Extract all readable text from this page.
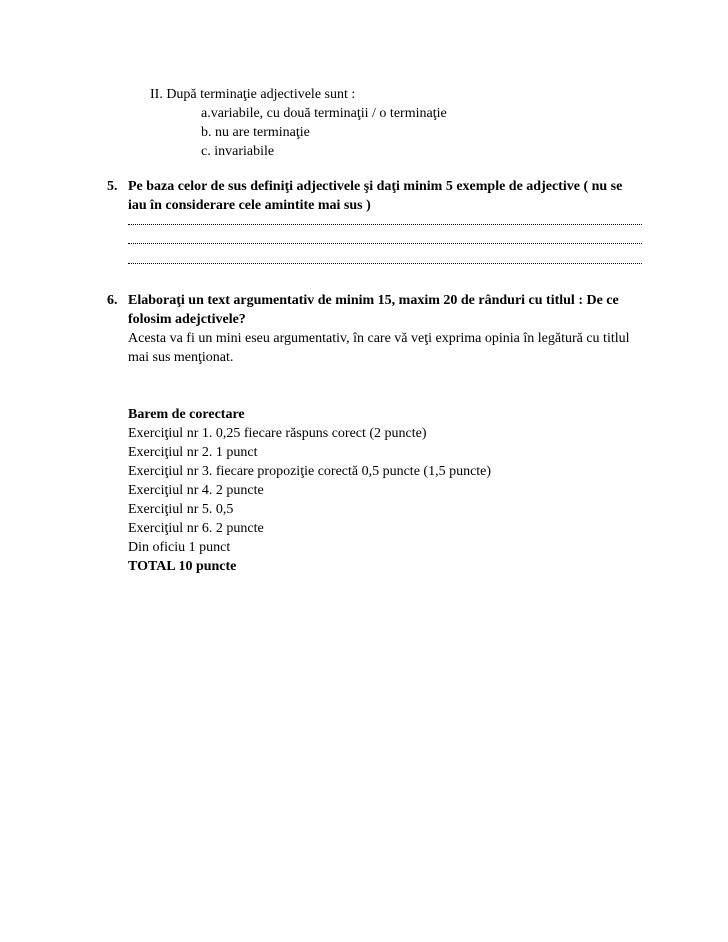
II. După terminaţie adjectivele sunt :
a.variabile, cu două terminaţii / o terminaţie
b. nu are terminaţie
c. invariabile
5. Pe baza celor de sus definiţi adjectivele şi daţi minim 5 exemple de adjective ( nu se
iau în considerare cele amintite mai sus )
6. Elaboraţi un text argumentativ de minim 15, maxim 20 de rânduri cu titlul : De ce
folosim adejctivele?
Acesta va fi un mini eseu argumentativ, în care vă veţi exprima opinia în legătură cu titlul
mai sus menţionat.
Barem de corectare
Exerciţiul nr 1. 0,25 fiecare răspuns corect (2 puncte)
Exerciţiul nr 2. 1 punct
Exerciţiul nr 3. fiecare propoziţie corectă 0,5 puncte (1,5 puncte)
Exerciţiul nr 4. 2 puncte
Exerciţiul nr 5. 0,5
Exerciţiul nr 6. 2 puncte
Din oficiu 1 punct
TOTAL 10 puncte
